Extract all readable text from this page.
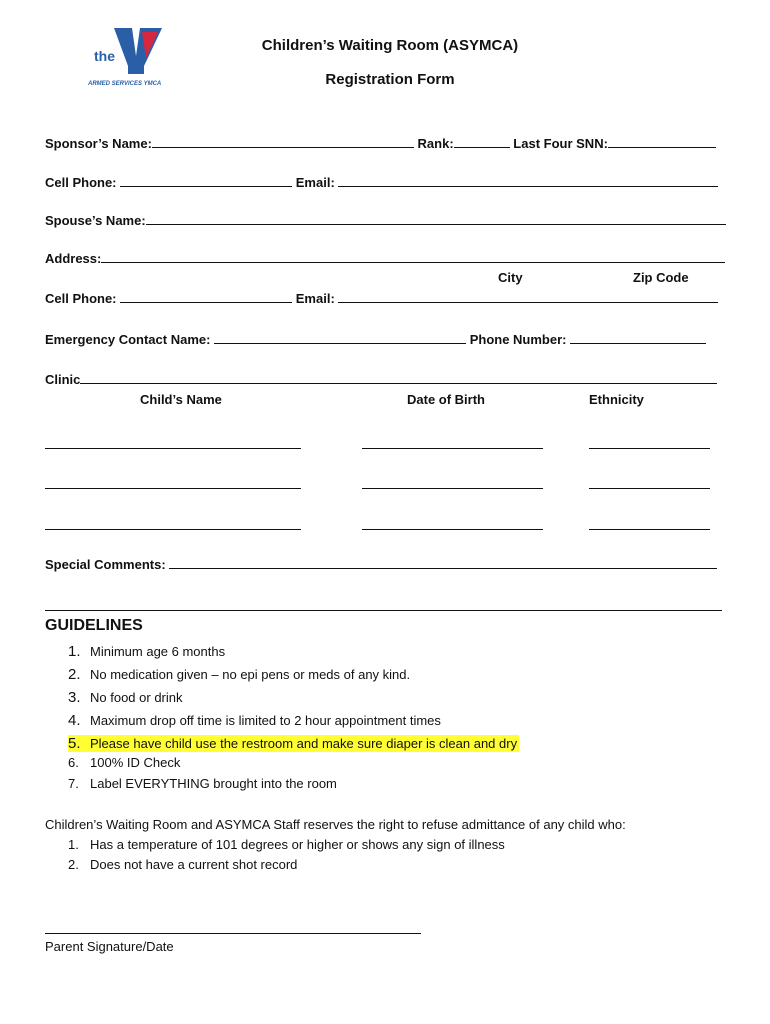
the
ARMED SERVICES YMCA
Children’s Waiting Room (ASYMCA)
Registration Form
Sponsor’s Name:	Rank:	Last Four SNN:
Cell Phone:	Email:
Spouse’s Name:
Address:
City	Zip Code
Cell Phone:	Email:
Emergency Contact Name:	Phone Number:
Clinic
Child’s Name	Date of Birth	Ethnicity
Special Comments:
GUIDELINES
1. Minimum age 6 months
2. No medication given – no epi pens or meds of any kind.
3. No food or drink
4. Maximum drop off time is limited to 2 hour appointment times
5. Please have child use the restroom and make sure diaper is clean and dry
6. 100% ID Check
7. Label EVERYTHING brought into the room
Children’s Waiting Room and ASYMCA Staff reserves the right to refuse admittance of any child who:
1. Has a temperature of 101 degrees or higher or shows any sign of illness
2. Does not have a current shot record
Parent Signature/Date
